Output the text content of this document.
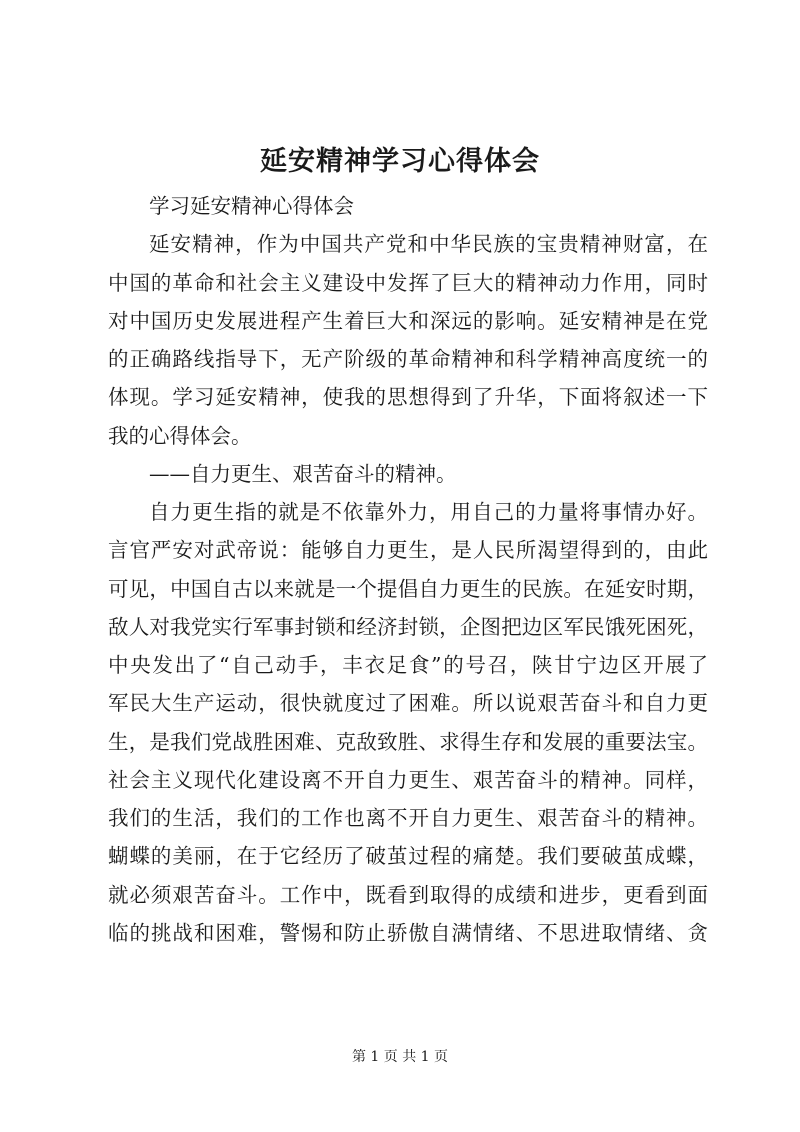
延安精神学习心得体会
学习延安精神心得体会
延安精神，作为中国共产党和中华民族的宝贵精神财富，在
中国的革命和社会主义建设中发挥了巨大的精神动力作用，同时
对中国历史发展进程产生着巨大和深远的影响。延安精神是在党
的正确路线指导下，无产阶级的革命精神和科学精神高度统一的
体现。学习延安精神，使我的思想得到了升华，下面将叙述一下
我的心得体会。
——自力更生、艰苦奋斗的精神。
自力更生指的就是不依靠外力，用自己的力量将事情办好。
言官严安对武帝说：能够自力更生，是人民所渴望得到的，由此
可见，中国自古以来就是一个提倡自力更生的民族。在延安时期，
敌人对我党实行军事封锁和经济封锁，企图把边区军民饿死困死，
中央发出了“自己动手，丰衣足食”的号召，陕甘宁边区开展了
军民大生产运动，很快就度过了困难。所以说艰苦奋斗和自力更
生，是我们党战胜困难、克敌致胜、求得生存和发展的重要法宝。
社会主义现代化建设离不开自力更生、艰苦奋斗的精神。同样，
我们的生活，我们的工作也离不开自力更生、艰苦奋斗的精神。
蝴蝶的美丽，在于它经历了破茧过程的痛楚。我们要破茧成蝶，
就必须艰苦奋斗。工作中，既看到取得的成绩和进步，更看到面
临的挑战和困难，警惕和防止骄傲自满情绪、不思进取情绪、贪
第 1 页 共 1 页
